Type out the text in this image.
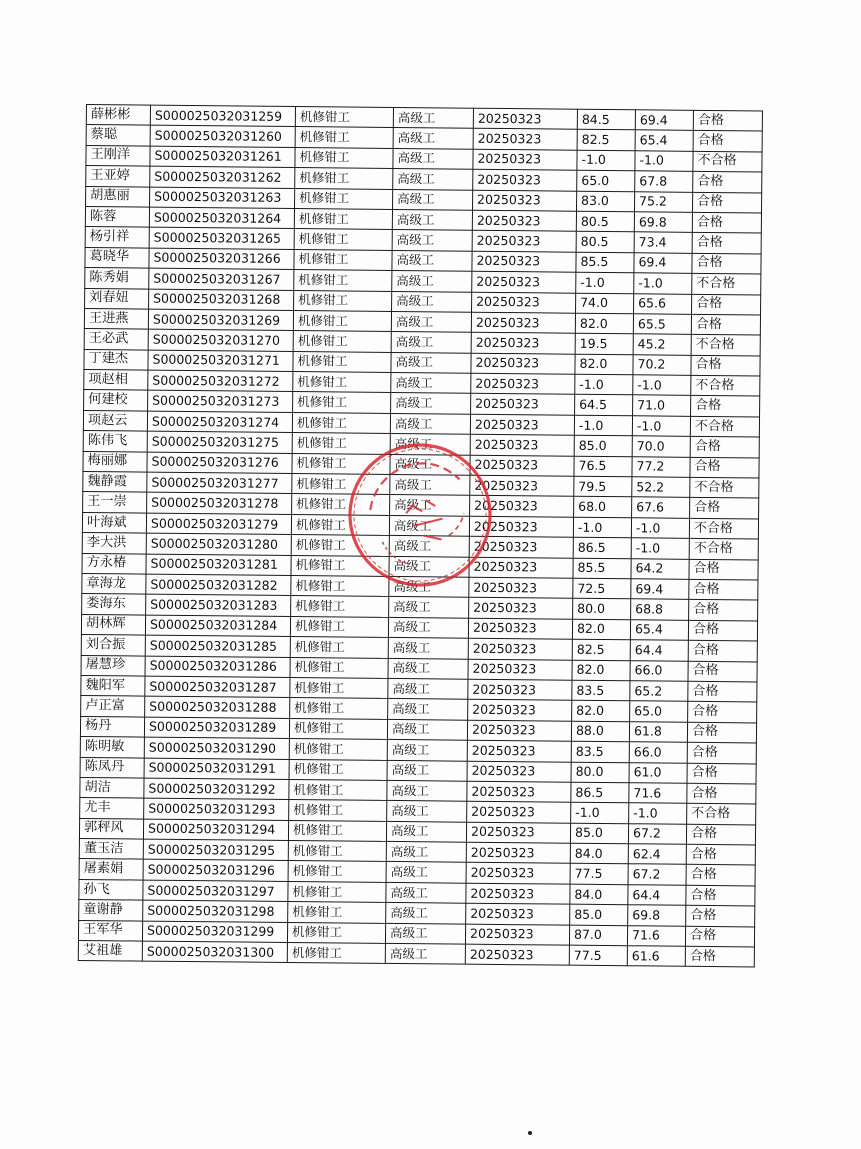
薛彬彬	S000025032031259	机修钳工	高级工	20250323	84.5	69.4	合格
蔡聪	S000025032031260	机修钳工	高级工	20250323	82.5	65.4	合格
王刚洋	S000025032031261	机修钳工	高级工	20250323	-1.0	-1.0	不合格
王亚婷	S000025032031262	机修钳工	高级工	20250323	65.0	67.8	合格
胡惠丽	S000025032031263	机修钳工	高级工	20250323	83.0	75.2	合格
陈蓉	S000025032031264	机修钳工	高级工	20250323	80.5	69.8	合格
杨引祥	S000025032031265	机修钳工	高级工	20250323	80.5	73.4	合格
葛晓华	S000025032031266	机修钳工	高级工	20250323	85.5	69.4	合格
陈秀娟	S000025032031267	机修钳工	高级工	20250323	-1.0	-1.0	不合格
刘春妞	S000025032031268	机修钳工	高级工	20250323	74.0	65.6	合格
王进燕	S000025032031269	机修钳工	高级工	20250323	82.0	65.5	合格
王必武	S000025032031270	机修钳工	高级工	20250323	19.5	45.2	不合格
丁建杰	S000025032031271	机修钳工	高级工	20250323	82.0	70.2	合格
项赵相	S000025032031272	机修钳工	高级工	20250323	-1.0	-1.0	不合格
何建校	S000025032031273	机修钳工	高级工	20250323	64.5	71.0	合格
项赵云	S000025032031274	机修钳工	高级工	20250323	-1.0	-1.0	不合格
陈伟飞	S000025032031275	机修钳工	高级工	20250323	85.0	70.0	合格
梅丽娜	S000025032031276	机修钳工	高级工	20250323	76.5	77.2	合格
魏静霞	S000025032031277	机修钳工	高级工	20250323	79.5	52.2	不合格
王一崇	S000025032031278	机修钳工	高级工	20250323	68.0	67.6	合格
叶海斌	S000025032031279	机修钳工	高级工	20250323	-1.0	-1.0	不合格
李大洪	S000025032031280	机修钳工	高级工	20250323	86.5	-1.0	不合格
方永椿	S000025032031281	机修钳工	高级工	20250323	85.5	64.2	合格
章海龙	S000025032031282	机修钳工	高级工	20250323	72.5	69.4	合格
娄海东	S000025032031283	机修钳工	高级工	20250323	80.0	68.8	合格
胡林辉	S000025032031284	机修钳工	高级工	20250323	82.0	65.4	合格
刘合振	S000025032031285	机修钳工	高级工	20250323	82.5	64.4	合格
屠慧珍	S000025032031286	机修钳工	高级工	20250323	82.0	66.0	合格
魏阳军	S000025032031287	机修钳工	高级工	20250323	83.5	65.2	合格
卢正富	S000025032031288	机修钳工	高级工	20250323	82.0	65.0	合格
杨丹	S000025032031289	机修钳工	高级工	20250323	88.0	61.8	合格
陈明敏	S000025032031290	机修钳工	高级工	20250323	83.5	66.0	合格
陈凤丹	S000025032031291	机修钳工	高级工	20250323	80.0	61.0	合格
胡洁	S000025032031292	机修钳工	高级工	20250323	86.5	71.6	合格
尤丰	S000025032031293	机修钳工	高级工	20250323	-1.0	-1.0	不合格
郭秤风	S000025032031294	机修钳工	高级工	20250323	85.0	67.2	合格
董玉洁	S000025032031295	机修钳工	高级工	20250323	84.0	62.4	合格
屠素娟	S000025032031296	机修钳工	高级工	20250323	77.5	67.2	合格
孙飞	S000025032031297	机修钳工	高级工	20250323	84.0	64.4	合格
童谢静	S000025032031298	机修钳工	高级工	20250323	85.0	69.8	合格
王军华	S000025032031299	机修钳工	高级工	20250323	87.0	71.6	合格
艾祖雄	S000025032031300	机修钳工	高级工	20250323	77.5	61.6	合格
